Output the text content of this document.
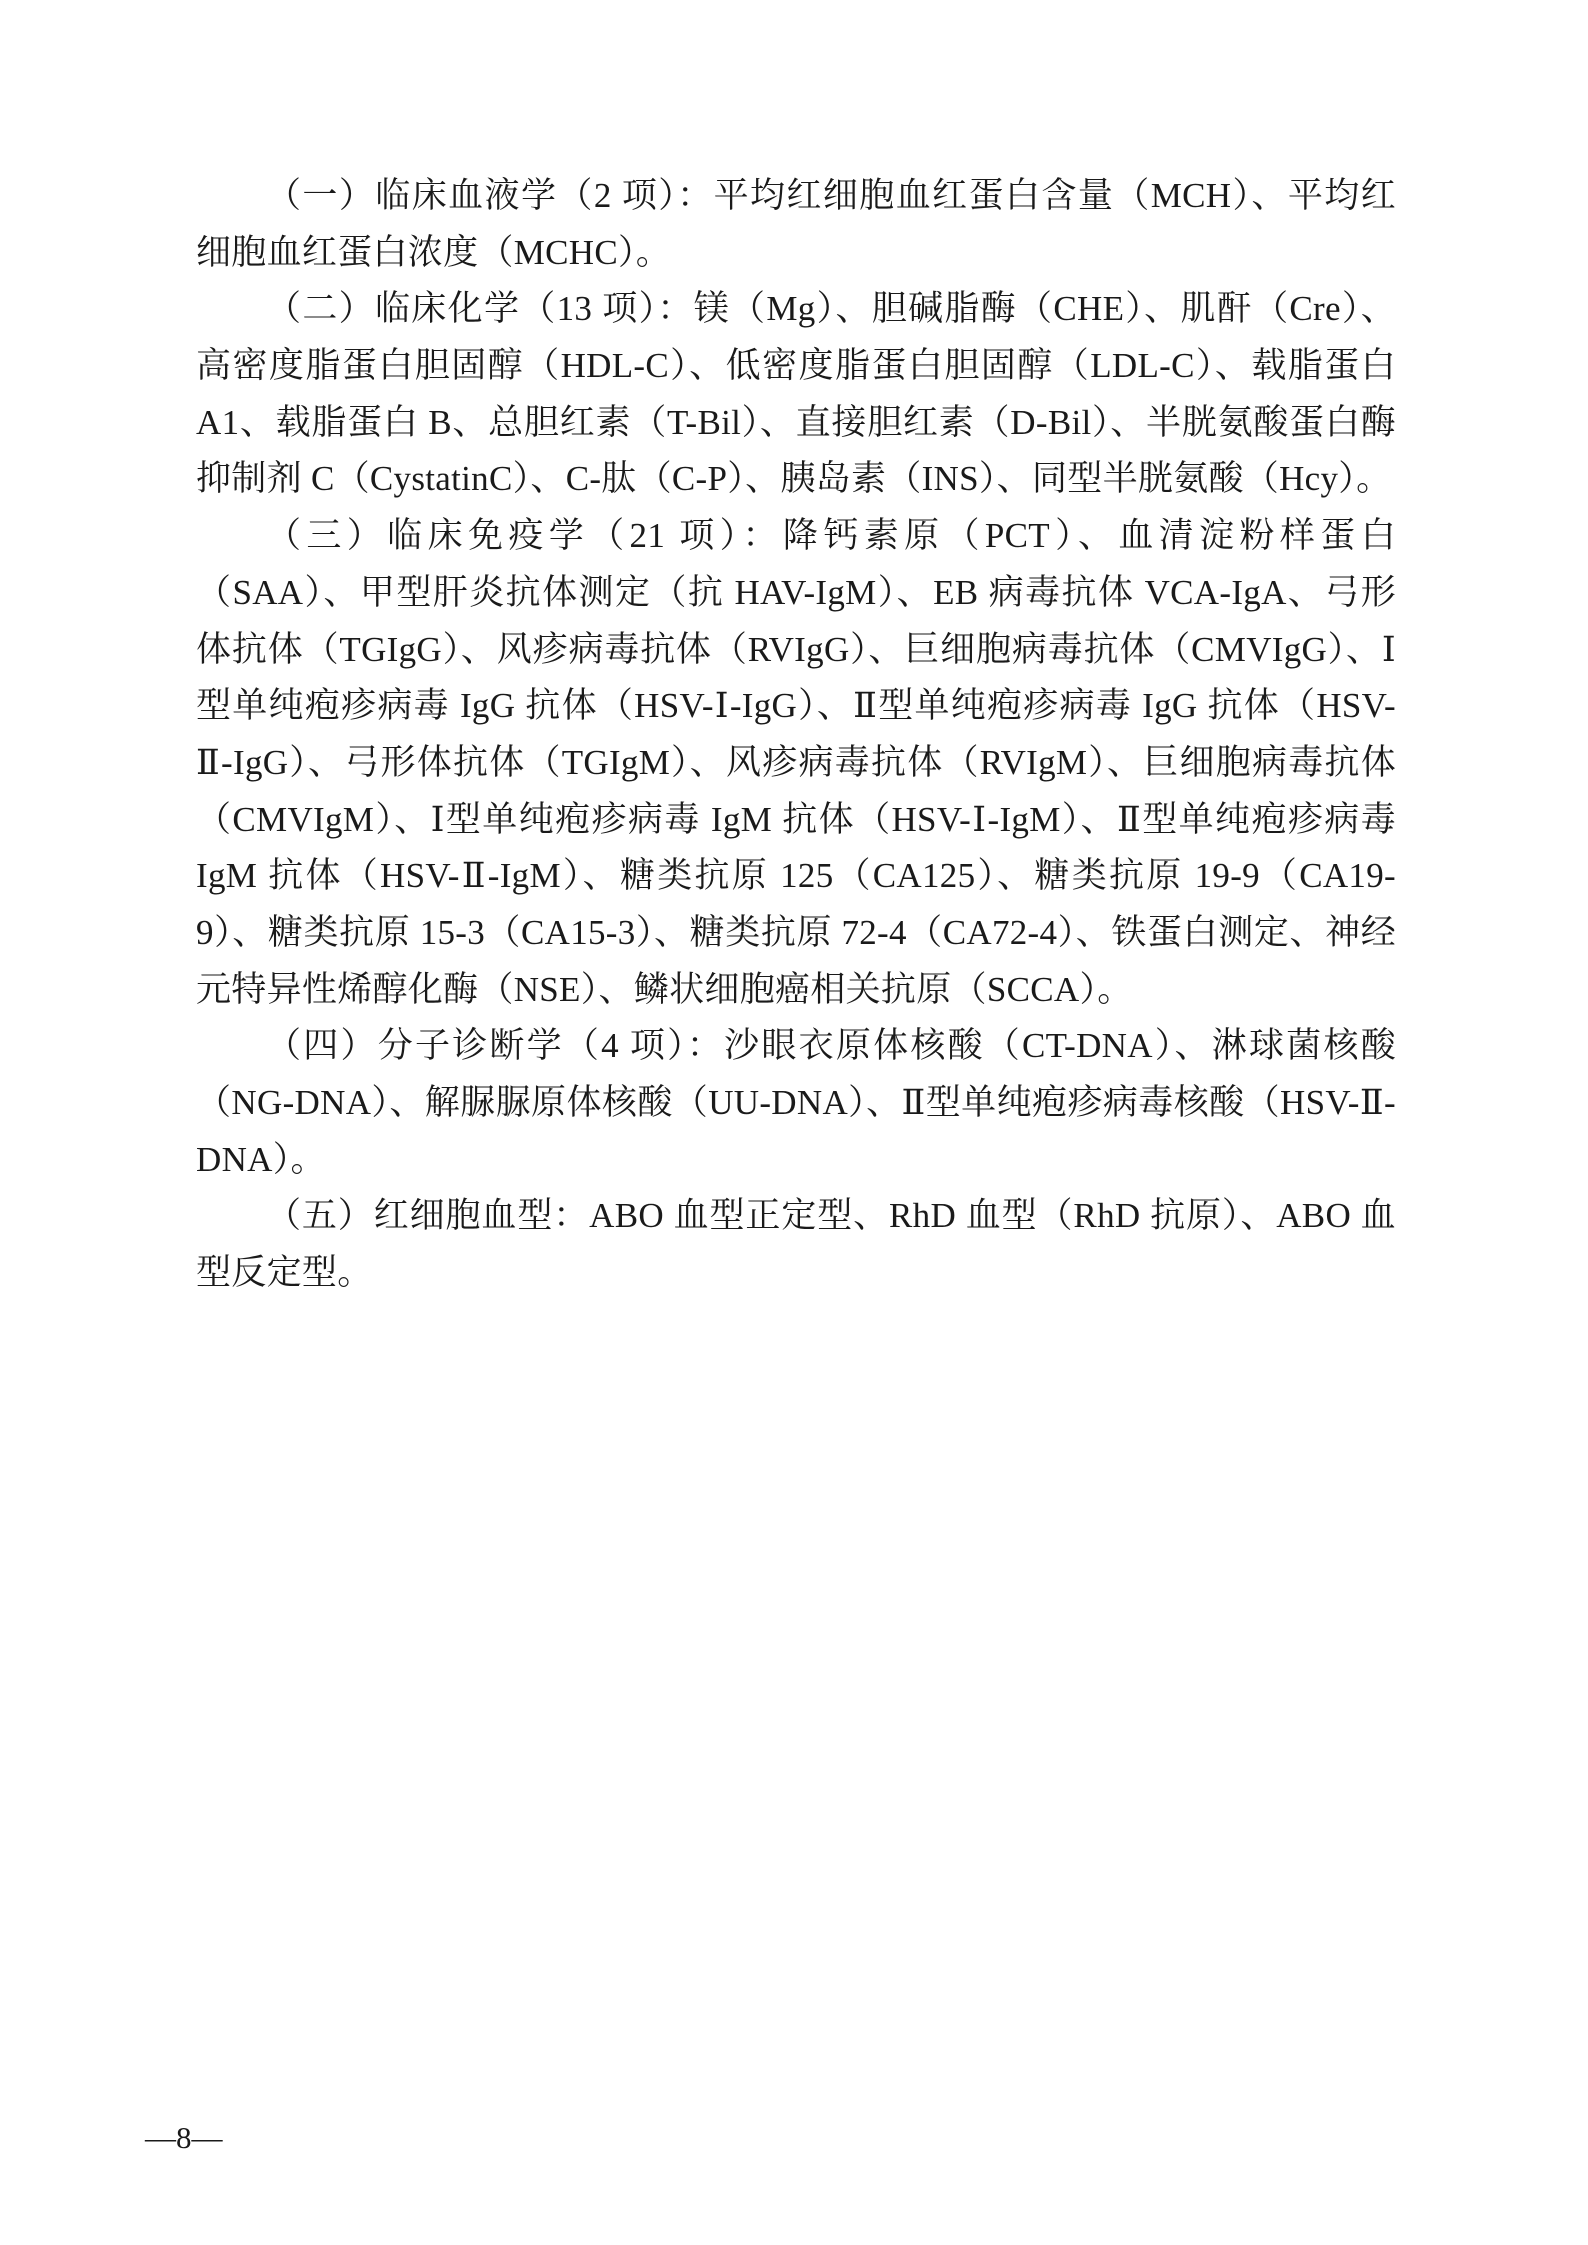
（一）临床血液学（2 项）：平均红细胞血红蛋白含量（MCH）、平均红细胞血红蛋白浓度（MCHC）。

（二）临床化学（13 项）：镁（Mg）、胆碱脂酶（CHE）、肌酐（Cre）、高密度脂蛋白胆固醇（HDL-C）、低密度脂蛋白胆固醇（LDL-C）、载脂蛋白 A1、载脂蛋白 B、总胆红素（T-Bil）、直接胆红素（D-Bil）、半胱氨酸蛋白酶抑制剂 C（CystatinC）、C-肽（C-P）、胰岛素（INS）、同型半胱氨酸（Hcy）。

（三）临床免疫学（21 项）：降钙素原（PCT）、血清淀粉样蛋白（SAA）、甲型肝炎抗体测定（抗 HAV-IgM）、EB 病毒抗体 VCA-IgA、弓形体抗体（TGIgG）、风疹病毒抗体（RVIgG）、巨细胞病毒抗体（CMVIgG）、Ⅰ型单纯疱疹病毒 IgG 抗体（HSV-Ⅰ-IgG）、Ⅱ型单纯疱疹病毒 IgG 抗体（HSV-Ⅱ-IgG）、弓形体抗体（TGIgM）、风疹病毒抗体（RVIgM）、巨细胞病毒抗体（CMVIgM）、Ⅰ型单纯疱疹病毒 IgM 抗体（HSV-Ⅰ-IgM）、Ⅱ型单纯疱疹病毒 IgM 抗体（HSV-Ⅱ-IgM）、糖类抗原 125（CA125）、糖类抗原 19-9（CA19-9）、糖类抗原 15-3（CA15-3）、糖类抗原 72-4（CA72-4）、铁蛋白测定、神经元特异性烯醇化酶（NSE）、鳞状细胞癌相关抗原（SCCA）。

（四）分子诊断学（4 项）：沙眼衣原体核酸（CT-DNA）、淋球菌核酸（NG-DNA）、解脲脲原体核酸（UU-DNA）、Ⅱ型单纯疱疹病毒核酸（HSV-Ⅱ-DNA）。

（五）红细胞血型：ABO 血型正定型、RhD 血型（RhD 抗原）、ABO 血型反定型。

—8—
